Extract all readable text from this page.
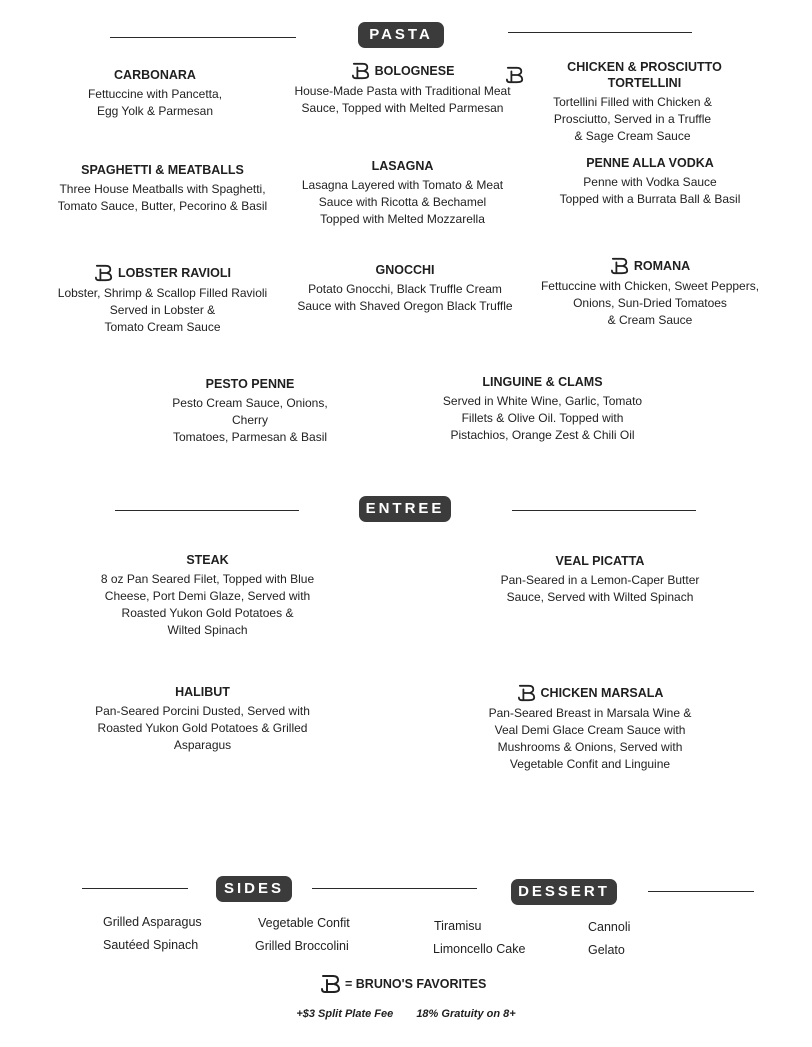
PASTA
ENTREE
SIDES	DESSERT
CARBONARA
Fettuccine with Pancetta,
Egg Yolk & Parmesan
BOLOGNESE
House-Made Pasta with Traditional Meat
Sauce, Topped with Melted Parmesan
CHICKEN & PROSCIUTTO TORTELLINI
Tortellini Filled with Chicken &
Prosciutto, Served in a Truffle
& Sage Cream Sauce
SPAGHETTI & MEATBALLS
Three House Meatballs with Spaghetti,
Tomato Sauce, Butter, Pecorino & Basil
LASAGNA
Lasagna Layered with Tomato & Meat
Sauce with Ricotta & Bechamel
Topped with Melted Mozzarella
PENNE ALLA VODKA
Penne with Vodka Sauce
Topped with a Burrata Ball & Basil
LOBSTER RAVIOLI
Lobster, Shrimp & Scallop Filled Ravioli
Served in Lobster &
Tomato Cream Sauce
GNOCCHI
Potato Gnocchi, Black Truffle Cream
Sauce with Shaved Oregon Black Truffle
ROMANA
Fettuccine with Chicken, Sweet Peppers,
Onions, Sun-Dried Tomatoes
& Cream Sauce
PESTO PENNE
Pesto Cream Sauce, Onions, Cherry
Tomatoes, Parmesan & Basil
LINGUINE & CLAMS
Served in White Wine, Garlic, Tomato
Fillets & Olive Oil. Topped with
Pistachios, Orange Zest & Chili Oil
STEAK
8 oz Pan Seared Filet, Topped with Blue
Cheese, Port Demi Glaze, Served with
Roasted Yukon Gold Potatoes &
Wilted Spinach
VEAL PICATTA
Pan-Seared in a Lemon-Caper Butter
Sauce, Served with Wilted Spinach
HALIBUT
Pan-Seared Porcini Dusted, Served with
Roasted Yukon Gold Potatoes & Grilled
Asparagus
CHICKEN MARSALA
Pan-Seared Breast in Marsala Wine &
Veal Demi Glace Cream Sauce with
Mushrooms & Onions, Served with
Vegetable Confit and Linguine
Grilled Asparagus
Sautéed Spinach
Vegetable Confit
Grilled Broccolini
Tiramisu
Limoncello Cake
Cannoli
Gelato
= BRUNO'S FAVORITES
+$3 Split Plate Fee 18% Gratuity on 8+
